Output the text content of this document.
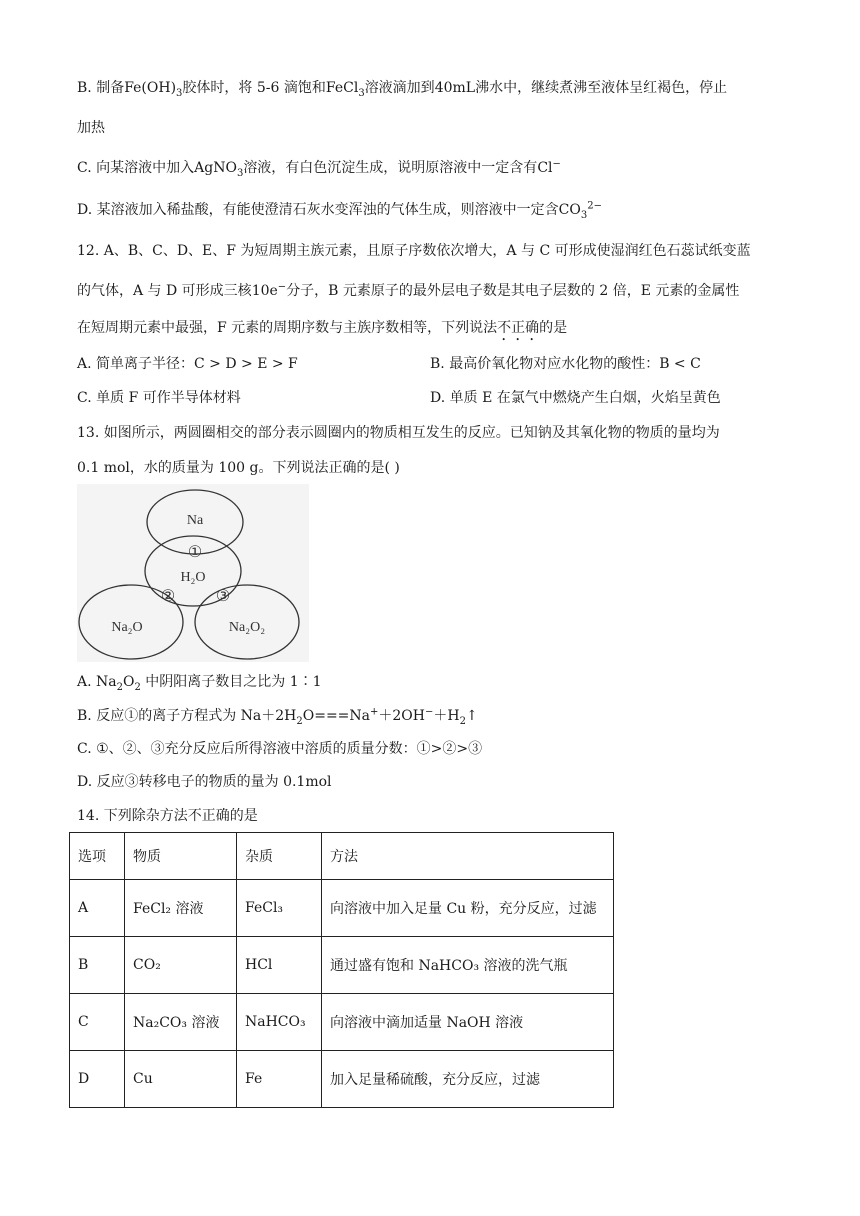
B. 制备$Fe(OH)_3$胶体时，将 5-6 滴饱和FeCl$_3$溶液滴加到40mL沸水中，继续煮沸至液体呈红褐色，停止
加热
C. 向某溶液中加入AgNO$_3$溶液，有白色沉淀生成，说明原溶液中一定含有Cl−
D. 某溶液加入稀盐酸，有能使澄清石灰水变浑浊的气体生成，则溶液中一定含$CO_3^{2-}$
12. A、B、C、D、E、F 为短周期主族元素，且原子序数依次增大，A 与 C 可形成使湿润红色石蕊试纸变蓝
的气体，A 与 D 可形成三核10e−分子，B 元素原子的最外层电子数是其电子层数的 2 倍，E 元素的金属性
在短周期元素中最强，F 元素的周期序数与主族序数相等，下列说法不正确的是
A. 简单离子半径：C > D > E > F	B. 最高价氧化物对应水化物的酸性：B < C
C. 单质 F 可作半导体材料	D. 单质 E 在氯气中燃烧产生白烟，火焰呈黄色
13. 如图所示，两圆圈相交的部分表示圆圈内的物质相互发生的反应。已知钠及其氧化物的物质的量均为
0.1 mol，水的质量为 100 g。下列说法正确的是( )
Na
H₂O
Na₂O	Na₂O₂
①
②	③
A. $Na_2O_2$ 中阴阳离子数目之比为 1∶1
B. 反应①的离子方程式为 $Na+2H_2O===Na^++2OH^-+H_2↑$
C. ①、②、③充分反应后所得溶液中溶质的质量分数：①>②>③
D. 反应③转移电子的物质的量为 0.1mol
14. 下列除杂方法不正确的是
选项	物质	杂质	方法
A	FeCl₂ 溶液	FeCl₃	向溶液中加入足量 Cu 粉，充分反应，过滤
B	CO₂	HCl	通过盛有饱和 NaHCO₃ 溶液的洗气瓶
C	Na₂CO₃ 溶液	NaHCO₃	向溶液中滴加适量 NaOH 溶液
D	Cu	Fe	加入足量稀硫酸，充分反应，过滤
